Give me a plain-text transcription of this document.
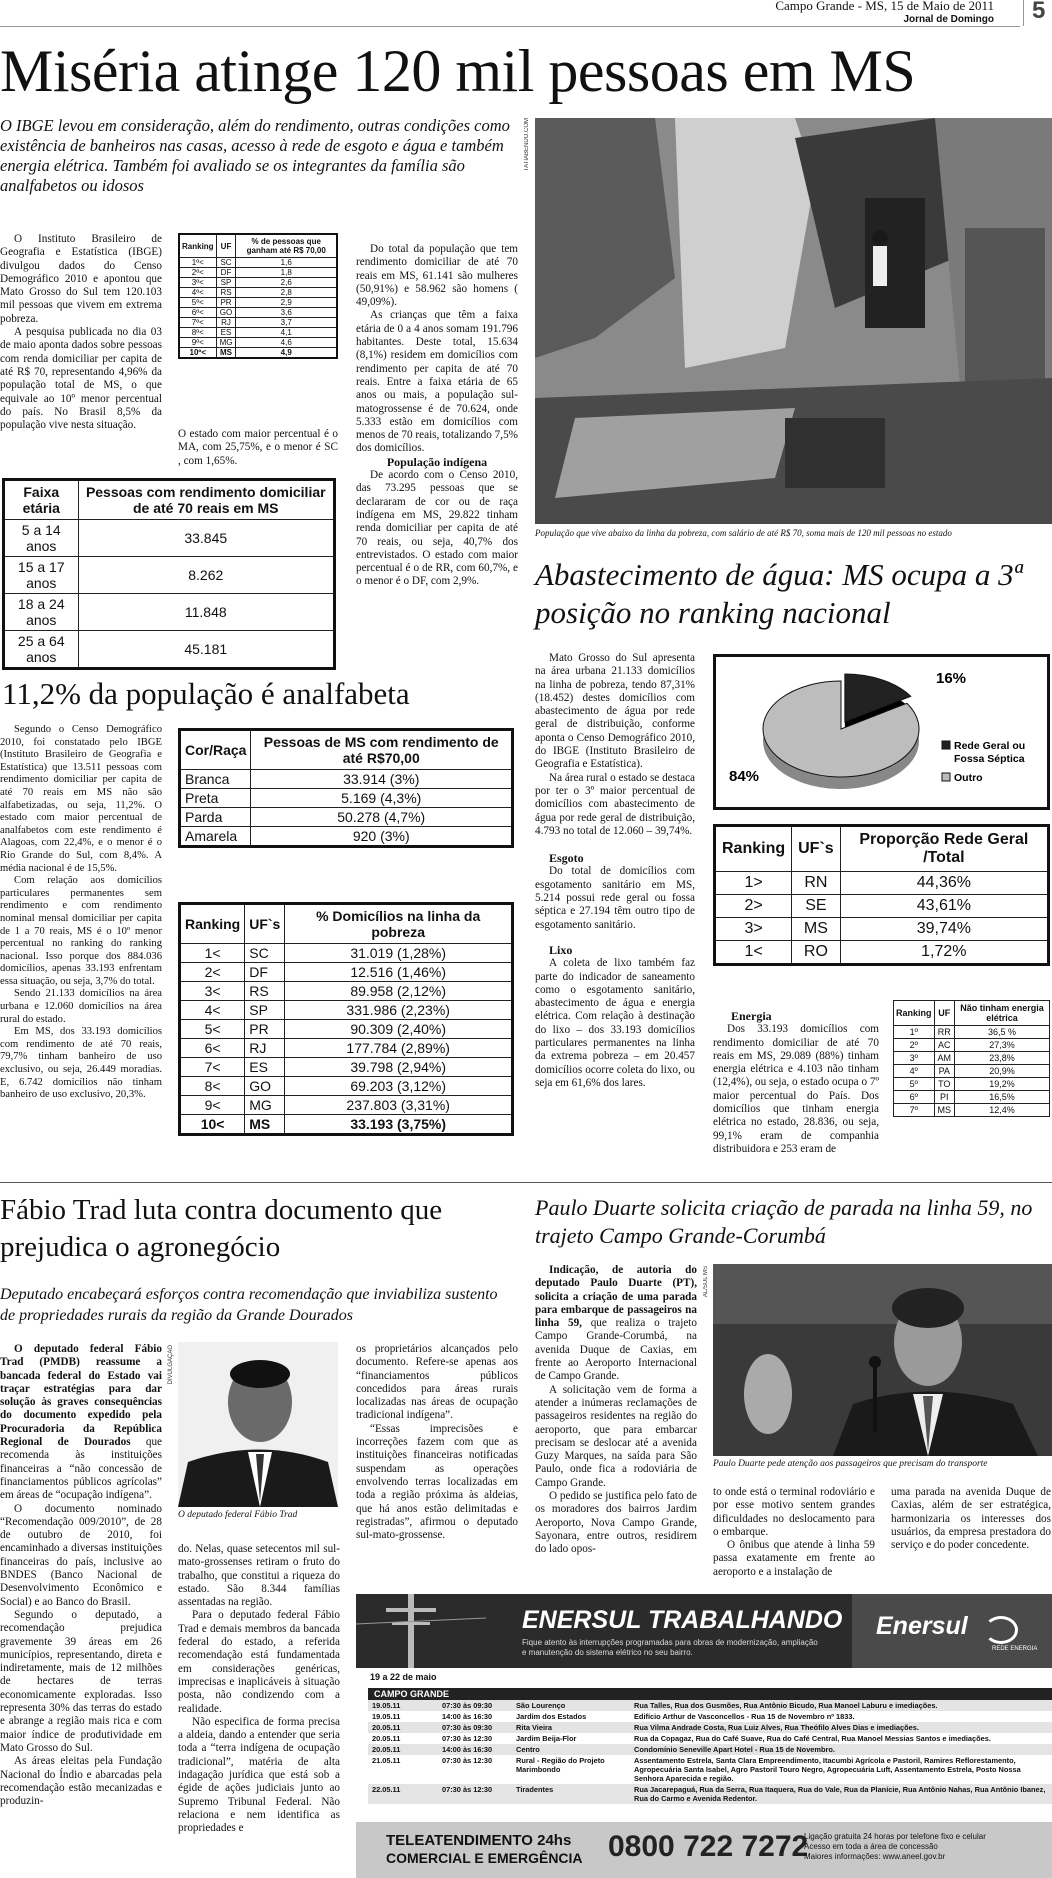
Campo Grande - MS, 15 de Maio de 2011
Jornal de Domingo 5
Miséria atinge 120 mil pessoas em MS
O IBGE levou em consideração, além do rendimento, outras condições como existência de banheiros nas casas, acesso à rede de esgoto e água e também energia elétrica. Também foi avaliado se os integrantes da família são analfabetos ou idosos

O Instituto Brasileiro de Geografia e Estatística (IBGE) divulgou dados do Censo Demográfico 2010 e apontou que Mato Grosso do Sul tem 120.103 mil pessoas que vivem em extrema pobreza.

A pesquisa publicada no dia 03 de maio aponta dados sobre pessoas com renda domiciliar per capita de até R$ 70, representando 4,96% da população total de MS, o que equivale ao 10º menor percentual do país. No Brasil 8,5% da população vive nesta situação.

Ranking	UF	% de pessoas que ganham até R$ 70,00
1º<	SC	1,6
2º<	DF	1,8
3º<	SP	2,6
4º<	RS	2,8
5º<	PR	2,9
6º<	GO	3,6
7º<	RJ	3,7
8º<	ES	4,1
9º<	MG	4,6
10º<	MS	4,9
O estado com maior percentual é o MA, com 25,75%, e o menor é SC , com 1,65%.

Do total da população que tem rendimento domiciliar de até 70 reais em MS, 61.141 são mulheres (50,91%) e 58.962 são homens ( 49,09%).

As crianças que têm a faixa etária de 0 a 4 anos somam 191.796 habitantes. Deste total, 15.634 (8,1%) residem em domicílios com rendimento per capita de até 70 reais. Entre a faixa etária de 65 anos ou mais, a população sul-matogrossense é de 70.624, onde 5.333 estão em domicílios com menos de 70 reais, totalizando 7,5% dos domicílios.

População indígena

De acordo com o Censo 2010, das 73.295 pessoas que se declararam de cor ou de raça indígena em MS, 29.822 tinham renda domiciliar per capita de até 70 reais, ou seja, 40,7% dos entrevistados. O estado com maior percentual é o de RR, com 60,7%, e o menor é o DF, com 2,9%.

Faixa etária	Pessoas com rendimento domiciliar de até 70 reais em MS
5 a 14 anos	33.845
15 a 17 anos	8.262
18 a 24 anos	11.848
25 a 64 anos	45.181
TATIABENDO.COM
População que vive abaixo da linha da pobreza, com salário de até R$ 70, soma mais de 120 mil pessoas no estado
Abastecimento de água: MS ocupa a 3ª posição no ranking nacional

Mato Grosso do Sul apresenta na área urbana 21.133 domicílios na linha de pobreza, tendo 87,31% (18.452) destes domicílios com abastecimento de água por rede geral de distribuição, conforme aponta o Censo Demográfico 2010, do IBGE (Instituto Brasileiro de Geografia e Estatística).

Na área rural o estado se destaca por ter o 3º maior percentual de domicílios com abastecimento de água por rede geral de distribuição, 4.793 no total de 12.060 – 39,74%.

Esgoto

Do total de domicílios com esgotamento sanitário em MS, 5.214 possui rede geral ou fossa séptica e 27.194 têm outro tipo de esgotamento sanitário.

Lixo

A coleta de lixo também faz parte do indicador de saneamento como o esgotamento sanitário, abastecimento de água e energia elétrica. Com relação à destinação do lixo – dos 33.193 domicílios particulares permanentes na linha da extrema pobreza – em 20.457 domicílios ocorre coleta do lixo, ou seja em 61,6% dos lares.

16%
84%
Rede Geral ou Fossa Séptica
Outro
Ranking	UF`s	Proporção Rede Geral /Total
1>	RN	44,36%
2>	SE	43,61%
3>	MS	39,74%
1<	RO	1,72%
Ranking	UF	Não tinham energia elétrica
1º	RR	36,5 %
2º	AC	27,3%
3º	AM	23,8%
4º	PA	20,9%
5º	TO	19,2%
6º	PI	16,5%
7º	MS	12,4%

Energia

Dos 33.193 domicílios com rendimento domiciliar de até 70 reais em MS, 29.089 (88%) tinham energia elétrica e 4.103 não tinham (12,4%), ou seja, o estado ocupa o 7º maior percentual do País. Dos domicílios que tinham energia elétrica no estado, 28.836, ou seja, 99,1% eram de companhia distribuidora e 253 eram de

11,2% da população é analfabeta

Segundo o Censo Demográfico 2010, foi constatado pelo IBGE (Instituto Brasileiro de Geografia e Estatística) que 13.511 pessoas com rendimento domiciliar per capita de até 70 reais em MS não são alfabetizadas, ou seja, 11,2%. O estado com maior percentual de analfabetos com este rendimento é Alagoas, com 22,4%, e o menor é o Rio Grande do Sul, com 8,4%. A média nacional é de 15,5%.

Com relação aos domicílios particulares permanentes sem rendimento e com rendimento nominal mensal domiciliar per capita de 1 a 70 reais, MS é o 10º menor percentual no ranking do ranking nacional. Isso porque dos 884.036 domicílios, apenas 33.193 enfrentam essa situação, ou seja, 3,7% do total.

Sendo 21.133 domicílios na área urbana e 12.060 domicílios na área rural do estado.

Em MS, dos 33.193 domicílios com rendimento de até 70 reais, 79,7% tinham banheiro de uso exclusivo, ou seja, 26.449 moradias. E, 6.742 domicílios não tinham banheiro de uso exclusivo, 20,3%.

Cor/Raça	Pessoas de MS com rendimento de até R$70,00
Branca	33.914 (3%)
Preta	5.169 (4,3%)
Parda	50.278 (4,7%)
Amarela	920 (3%)
Ranking	UF`s	% Domicílios na linha da pobreza
1<	SC	31.019 (1,28%)
2<	DF	12.516 (1,46%)
3<	RS	89.958 (2,12%)
4<	SP	331.986 (2,23%)
5<	PR	90.309 (2,40%)
6<	RJ	177.784 (2,89%)
7<	ES	39.798 (2,94%)
8<	GO	69.203 (3,12%)
9<	MG	237.803 (3,31%)
10<	MS	33.193 (3,75%)
Fábio Trad luta contra documento que prejudica o agronegócio
Deputado encabeçará esforços contra recomendação que inviabiliza sustento de propriedades rurais da região da Grande Dourados

O deputado federal Fábio Trad (PMDB) reassume a bancada federal do Estado vai traçar estratégias para dar solução às graves consequências do documento expedido pela Procuradoria da República Regional de Dourados que recomenda às instituições financeiras a “não concessão de financiamentos públicos agrícolas” em áreas de “ocupação indígena”.

O documento nominado “Recomendação 009/2010”, de 28 de outubro de 2010, foi encaminhado a diversas instituições financeiras do país, inclusive ao BNDES (Banco Nacional de Desenvolvimento Econômico e Social) e ao Banco do Brasil.

Segundo o deputado, a recomendação prejudica gravemente 39 áreas em 26 municípios, representando, direta e indiretamente, mais de 12 milhões de hectares de terras economicamente exploradas. Isso representa 30% das terras do estado e abrange a região mais rica e com maior índice de produtividade em Mato Grosso do Sul.

As áreas eleitas pela Fundação Nacional do Índio e abarcadas pela recomendação estão mecanizadas e produzin-

DIVULGAÇÃO
O deputado federal Fábio Trad

do. Nelas, quase setecentos mil sul-mato-grossenses retiram o fruto do trabalho, que constitui a riqueza do estado. São 8.344 famílias assentadas na região.

Para o deputado federal Fábio Trad e demais membros da bancada federal do estado, a referida recomendação está fundamentada em considerações genéricas, imprecisas e inaplicáveis à situação posta, não condizendo com a realidade.

Não especifica de forma precisa a aldeia, dando a entender que seria toda a “terra indígena de ocupação tradicional”, matéria de alta indagação jurídica que está sob a égide de ações judiciais junto ao Supremo Tribunal Federal. Não relaciona e nem identifica as propriedades e

os proprietários alcançados pelo documento. Refere-se apenas aos “financiamentos públicos concedidos para áreas rurais localizadas nas áreas de ocupação tradicional indígena”.

“Essas imprecisões e incorreções fazem com que as instituições financeiras notificadas suspendam as operações envolvendo terras localizadas em toda a região próxima às aldeias, que há anos estão delimitadas e registradas”, afirmou o deputado sul-mato-grossense.

Paulo Duarte solicita criação de parada na linha 59, no trajeto Campo Grande-Corumbá

Indicação, de autoria do deputado Paulo Duarte (PT), solicita a criação de uma parada para embarque de passageiros na linha 59, que realiza o trajeto Campo Grande-Corumbá, na avenida Duque de Caxias, em frente ao Aeroporto Internacional de Campo Grande.

A solicitação vem de forma a atender a inúmeras reclamações de passageiros residentes na região do aeroporto, que para embarcar precisam se deslocar até a avenida Guzy Marques, na saída para São Paulo, onde fica a rodoviária de Campo Grande.

O pedido se justifica pelo fato de os moradores dos bairros Jardim Aeroporto, Nova Campo Grande, Sayonara, entre outros, residirem do lado opos-

AL/SUL MS
Paulo Duarte pede atenção aos passageiros que precisam do transporte

to onde está o terminal rodoviário e por esse motivo sentem grandes dificuldades no deslocamento para o embarque.

O ônibus que atende à linha 59 passa exatamente em frente ao aeroporto e a instalação de

uma parada na avenida Duque de Caxias, além de ser estratégica, harmonizaria os interesses dos usuários, da empresa prestadora do serviço e do poder concedente.

ENERSUL TRABALHANDO
Fique atento às interrupções programadas para obras de modernização, ampliação e manutenção do sistema elétrico no seu bairro.
Enersul
REDE ENERGIA
19 a 22 de maio
CAMPO GRANDE
19.05.11	07:30 às 09:30	São Lourenço	Rua Talles, Rua dos Gusmões, Rua Antônio Bicudo, Rua Manoel Laburu e imediações.
19.05.11	14:00 às 16:30	Jardim dos Estados	Edifício Arthur de Vasconcellos - Rua 15 de Novembro nº 1833.
20.05.11	07:30 às 09:30	Rita Vieira	Rua Vilma Andrade Costa, Rua Luiz Alves, Rua Theófilo Alves Dias e imediações.
20.05.11	07:30 às 12:30	Jardim Beija-Flor	Rua da Copagaz, Rua do Café Suave, Rua do Café Central, Rua Manoel Messias Santos e imediações.
20.05.11	14:00 às 16:30	Centro	Condomínio Seneville Apart Hotel - Rua 15 de Novembro.
21.05.11	07:30 às 12:30	Rural - Região do Projeto Marimbondo	Assentamento Estrela, Santa Clara Empreendimento, Itacumbi Agrícola e Pastoril, Ramires Reflorestamento, Agropecuária Santa Isabel, Agro Pastoril Touro Negro, Agropecuária Luft, Assentamento Estrela, Posto Nossa Senhora Aparecida e região.
22.05.11	07:30 às 12:30	Tiradentes	Rua Jacarepaguá, Rua da Serra, Rua Itaquera, Rua do Vale, Rua da Planície, Rua Antônio Nahas, Rua Antônio Ibanez, Rua do Carmo e Avenida Redentor.
TELEATENDIMENTO 24hs
COMERCIAL E EMERGÊNCIA 0800 722 7272
Ligação gratuita 24 horas por telefone fixo e celular
Acesso em toda a área de concessão
Maiores informações: www.aneel.gov.br
